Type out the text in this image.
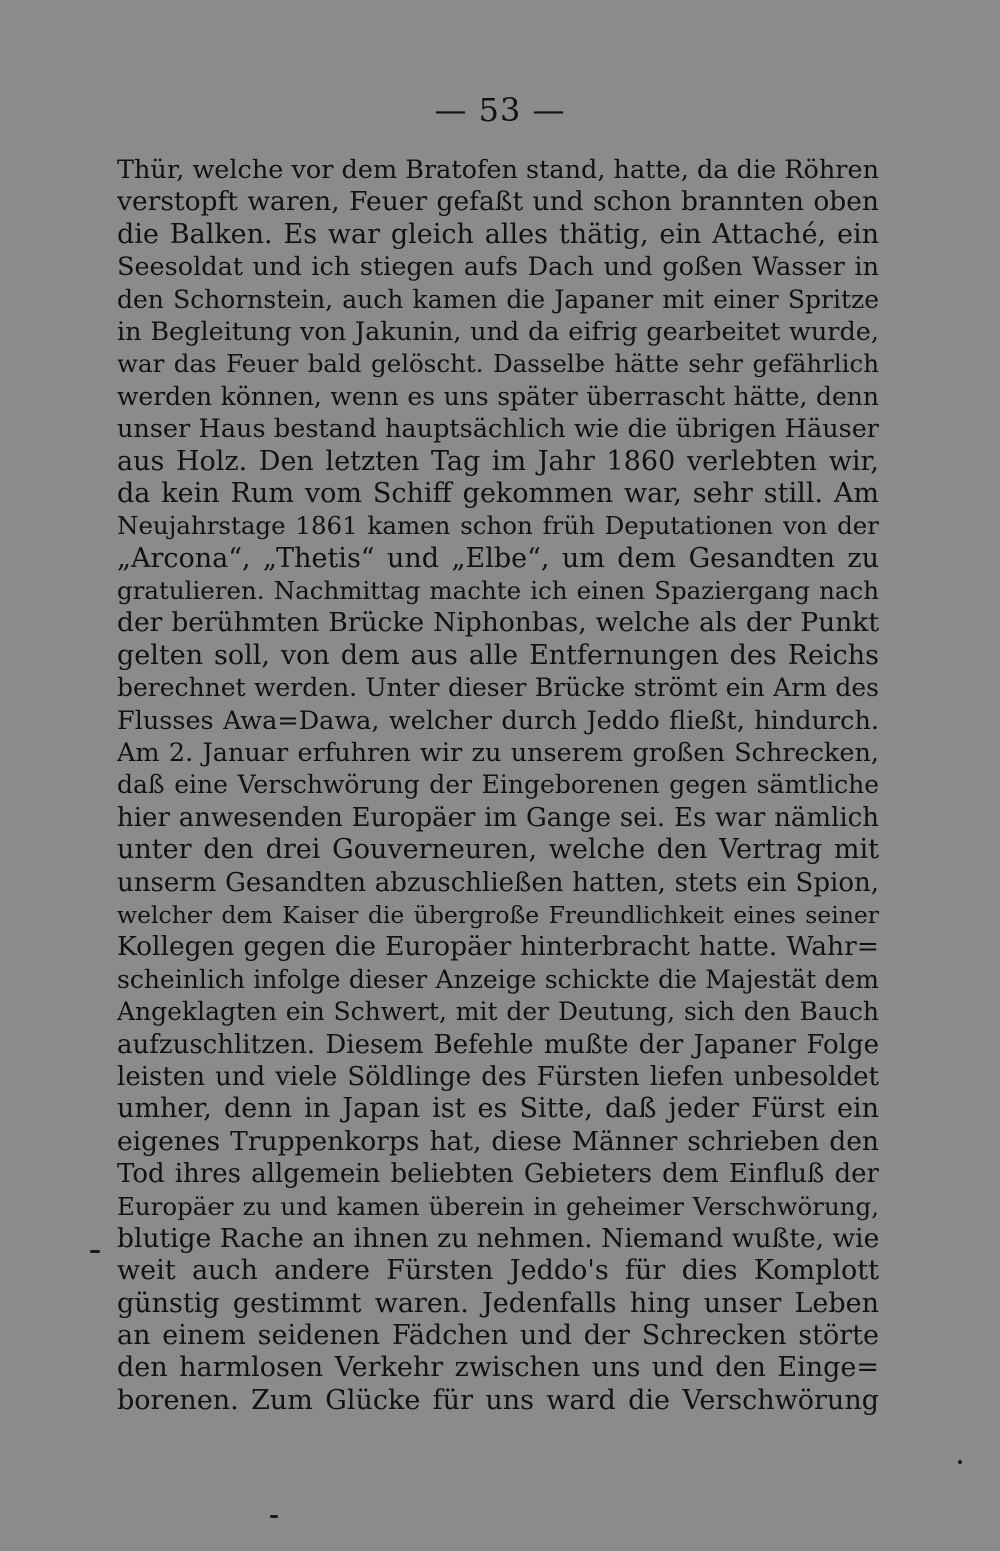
— 53 —
Thür, welche vor dem Bratofen stand, hatte, da die Röhren
verstopft waren, Feuer gefaßt und schon brannten oben
die Balken. Es war gleich alles thätig, ein Attaché, ein
Seesoldat und ich stiegen aufs Dach und goßen Wasser in
den Schornstein, auch kamen die Japaner mit einer Spritze
in Begleitung von Jakunin, und da eifrig gearbeitet wurde,
war das Feuer bald gelöscht. Dasselbe hätte sehr gefährlich
werden können, wenn es uns später überrascht hätte, denn
unser Haus bestand hauptsächlich wie die übrigen Häuser
aus Holz. Den letzten Tag im Jahr 1860 verlebten wir,
da kein Rum vom Schiff gekommen war, sehr still. Am
Neujahrstage 1861 kamen schon früh Deputationen von der
„Arcona“, „Thetis“ und „Elbe“, um dem Gesandten zu
gratulieren. Nachmittag machte ich einen Spaziergang nach
der berühmten Brücke Niphonbas, welche als der Punkt
gelten soll, von dem aus alle Entfernungen des Reichs
berechnet werden. Unter dieser Brücke strömt ein Arm des
Flusses Awa=Dawa, welcher durch Jeddo fließt, hindurch.
Am 2. Januar erfuhren wir zu unserem großen Schrecken,
daß eine Verschwörung der Eingeborenen gegen sämtliche
hier anwesenden Europäer im Gange sei. Es war nämlich
unter den drei Gouverneuren, welche den Vertrag mit
unserm Gesandten abzuschließen hatten, stets ein Spion,
welcher dem Kaiser die übergroße Freundlichkeit eines seiner
Kollegen gegen die Europäer hinterbracht hatte. Wahr=
scheinlich infolge dieser Anzeige schickte die Majestät dem
Angeklagten ein Schwert, mit der Deutung, sich den Bauch
aufzuschlitzen. Diesem Befehle mußte der Japaner Folge
leisten und viele Söldlinge des Fürsten liefen unbesoldet
umher, denn in Japan ist es Sitte, daß jeder Fürst ein
eigenes Truppenkorps hat, diese Männer schrieben den
Tod ihres allgemein beliebten Gebieters dem Einfluß der
Europäer zu und kamen überein in geheimer Verschwörung,
blutige Rache an ihnen zu nehmen. Niemand wußte, wie
weit auch andere Fürsten Jeddo's für dies Komplott
günstig gestimmt waren. Jedenfalls hing unser Leben
an einem seidenen Fädchen und der Schrecken störte
den harmlosen Verkehr zwischen uns und den Einge=
borenen. Zum Glücke für uns ward die Verschwörung
